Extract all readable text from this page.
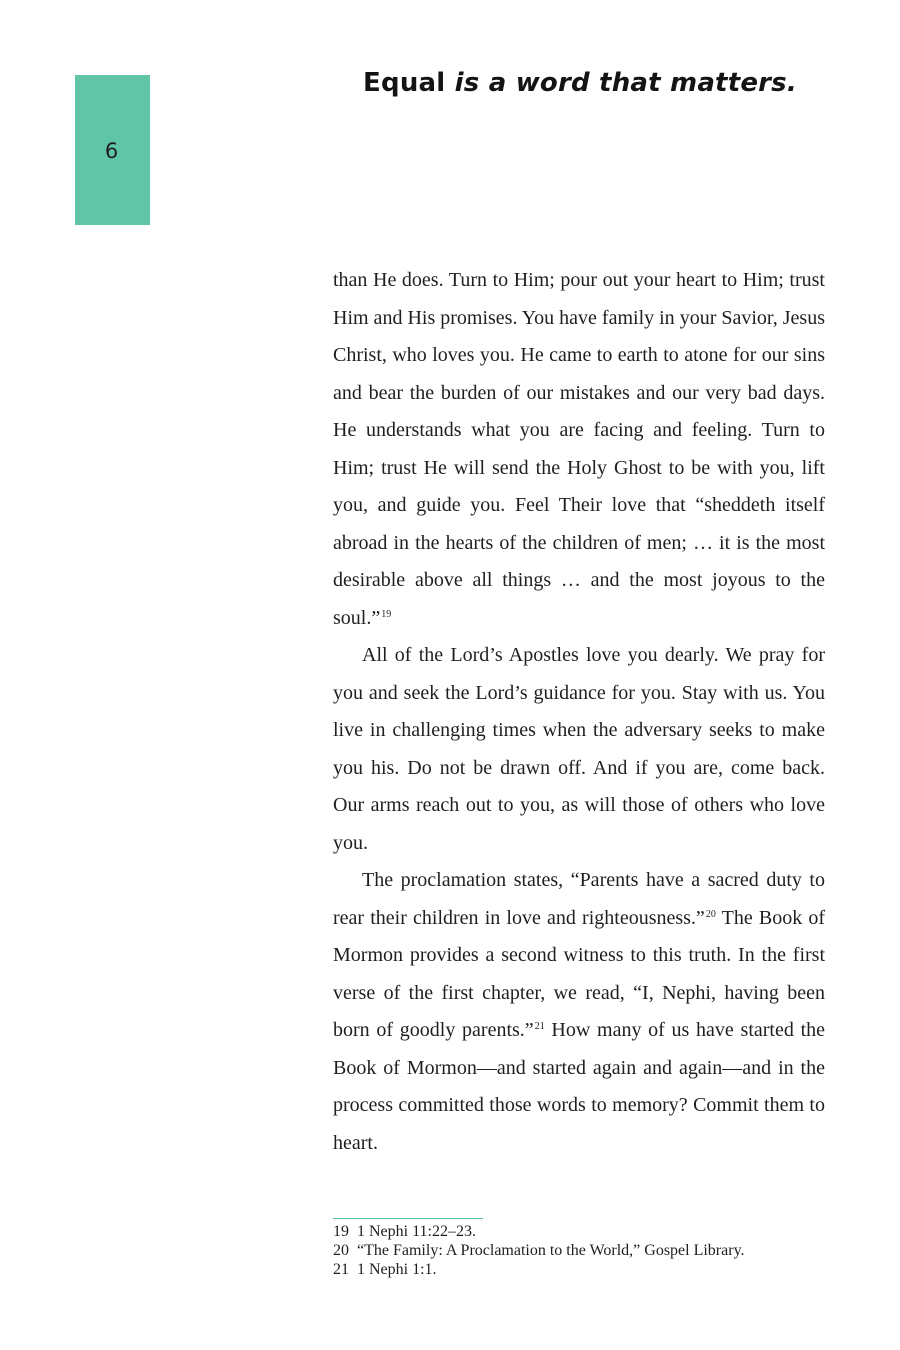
6
Equal is a word that matters.

than He does. Turn to Him; pour out your heart to Him; trust Him and His promises. You have family in your Savior, Jesus Christ, who loves you. He came to earth to atone for our sins and bear the burden of our mistakes and our very bad days. He understands what you are facing and feeling. Turn to Him; trust He will send the Holy Ghost to be with you, lift you, and guide you. Feel Their love that “sheddeth itself abroad in the hearts of the children of men; … it is the most desirable above all things … and the most joyous to the soul.”$^{19}$

All of the Lord’s Apostles love you dearly. We pray for you and seek the Lord’s guidance for you. Stay with us. You live in challenging times when the adversary seeks to make you his. Do not be drawn off. And if you are, come back. Our arms reach out to you, as will those of others who love you.

The proclamation states, “Parents have a sacred duty to rear their children in love and righteousness.”$^{20}$ The Book of Mormon provides a second witness to this truth. In the first verse of the first chapter, we read, “I, Nephi, having been born of goodly parents.”$^{21}$ How many of us have started the Book of Mormon—and started again and again—and in the process committed those words to memory? Commit them to heart.

19 1 Nephi 11:22–23.
20 “The Family: A Proclamation to the World,” Gospel Library.
21 1 Nephi 1:1.
